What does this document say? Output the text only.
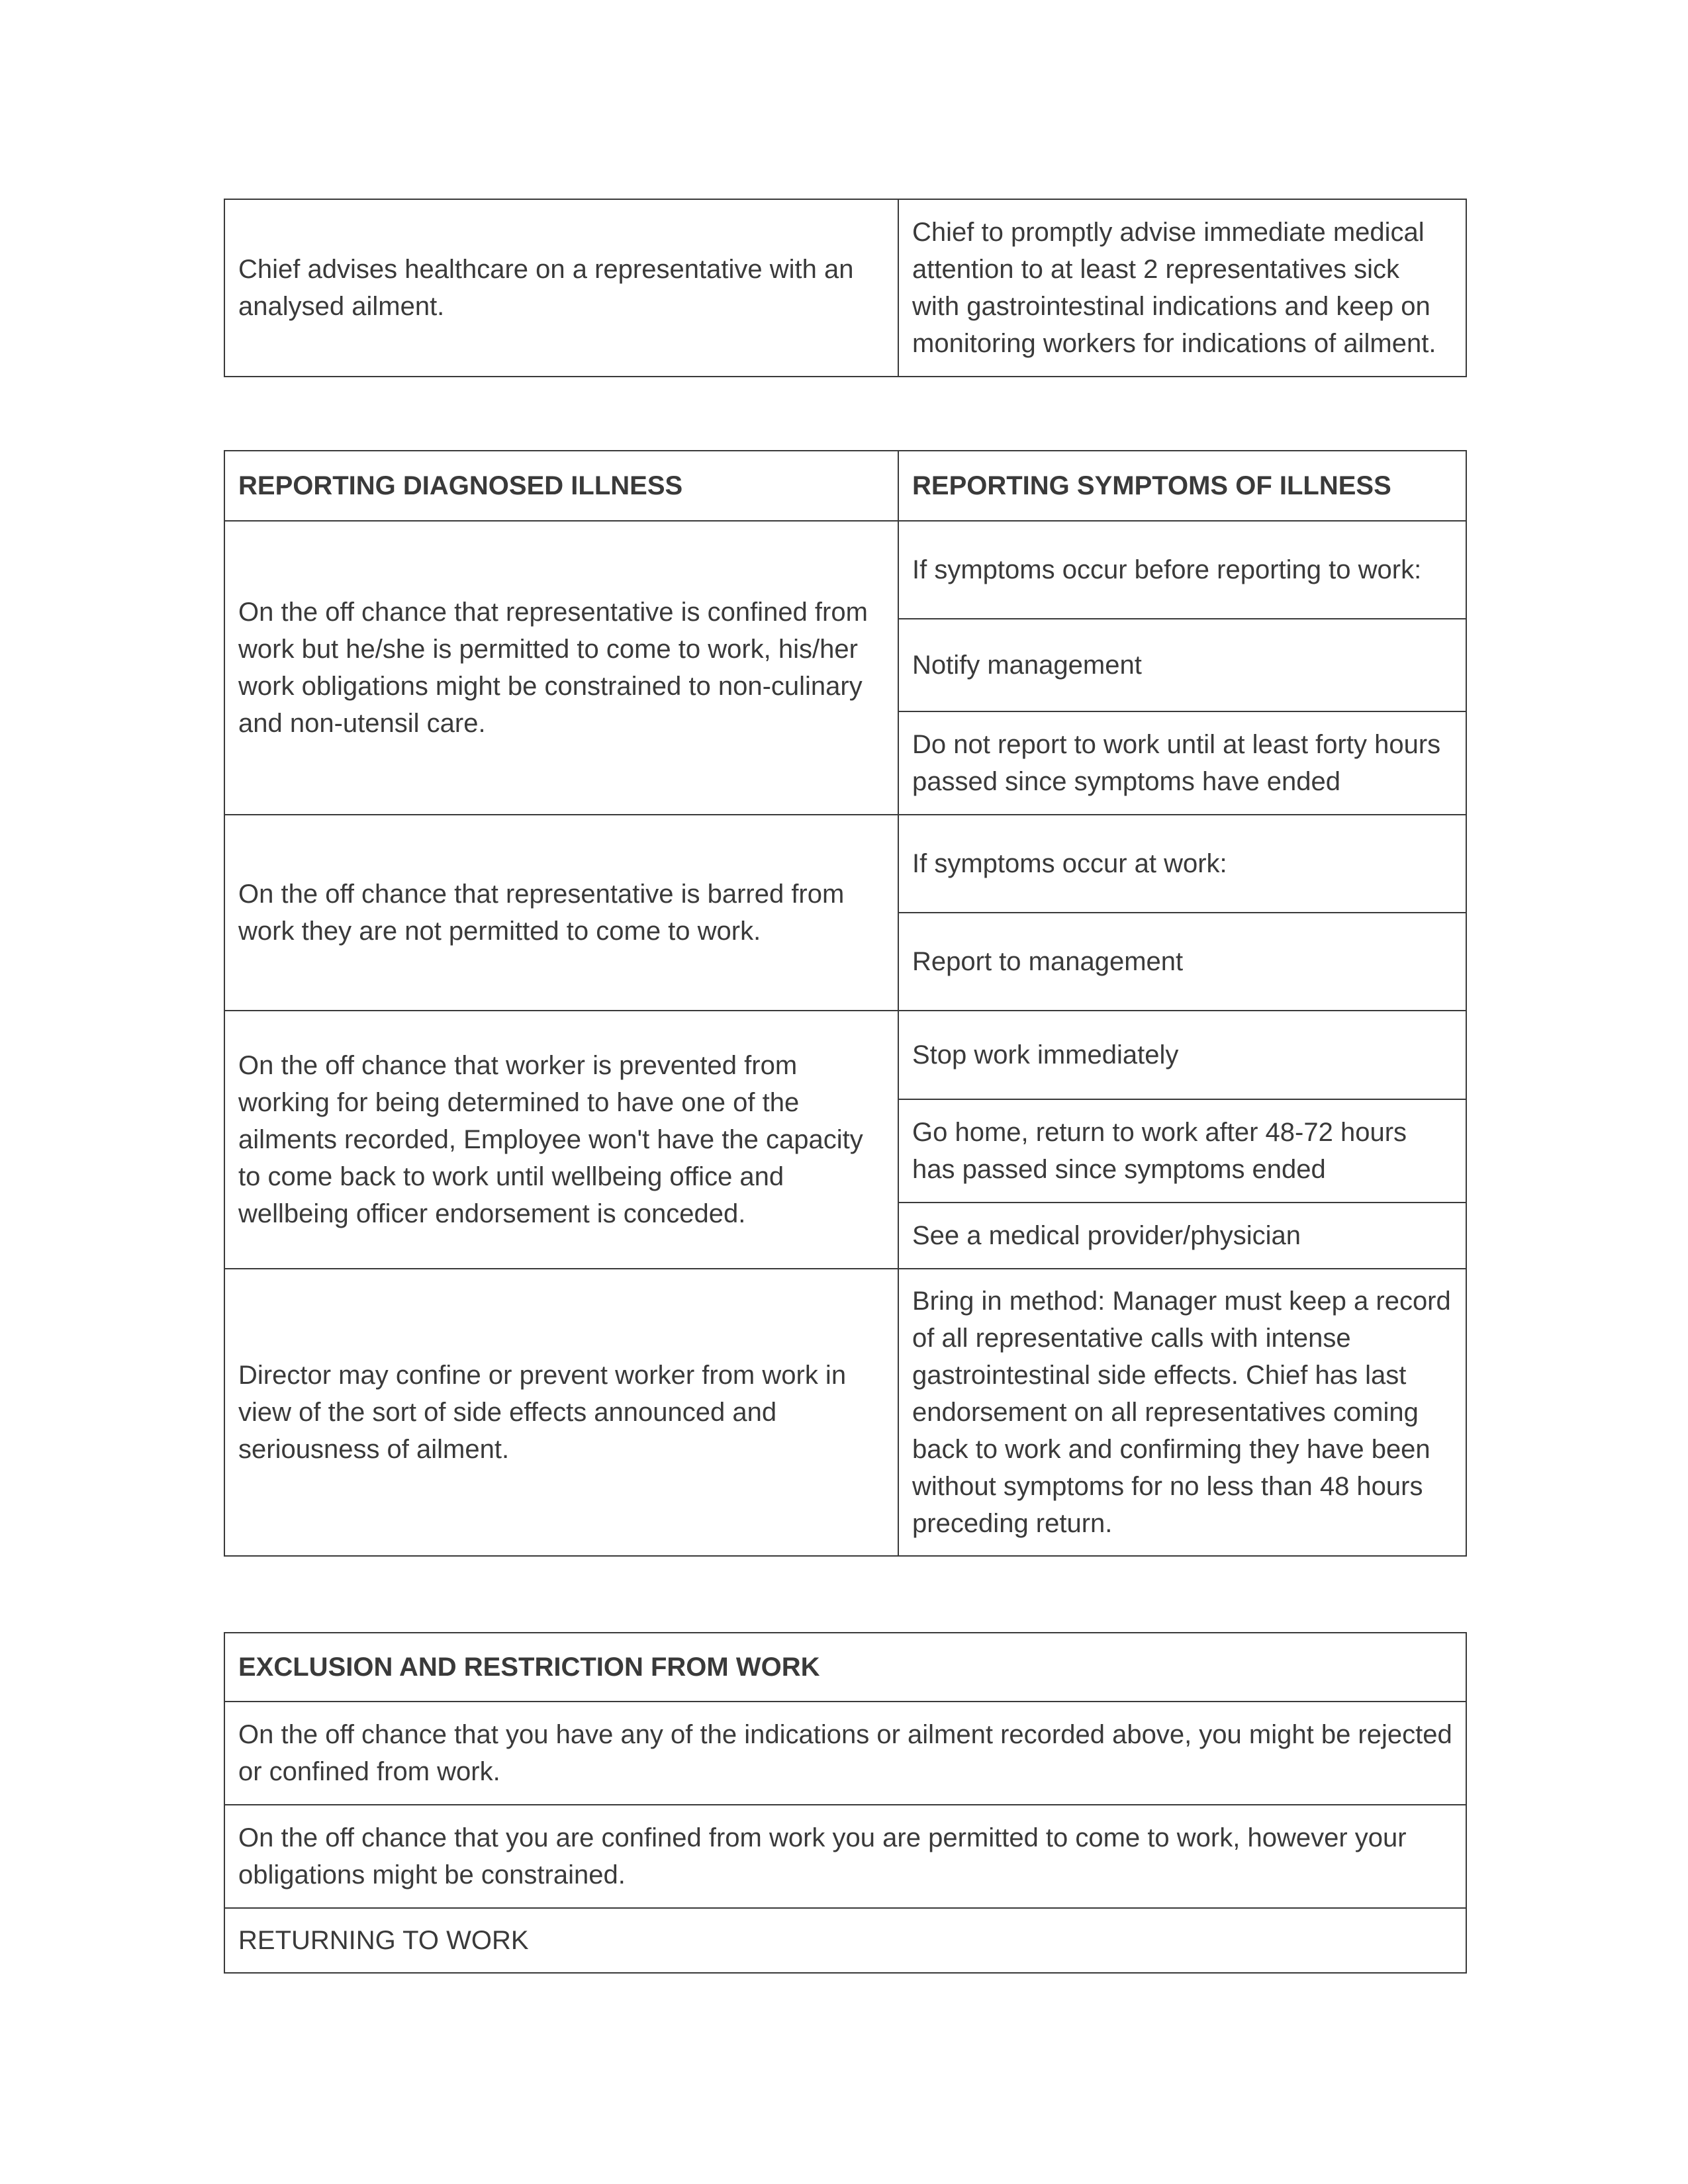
Chief advises healthcare on a representative with an analysed ailment.	Chief to promptly advise immediate medical attention to at least 2 representatives sick with gastrointestinal indications and keep on monitoring workers for indications of ailment.
REPORTING DIAGNOSED ILLNESS	REPORTING SYMPTOMS OF ILLNESS
On the off chance that representative is confined from work but he/she is permitted to come to work, his/her work obligations might be constrained to non-culinary and non-utensil care.	If symptoms occur before reporting to work:
	Notify management
	Do not report to work until at least forty hours passed since symptoms have ended
On the off chance that representative is barred from work they are not permitted to come to work.	If symptoms occur at work:
	Report to management
On the off chance that worker is prevented from working for being determined to have one of the ailments recorded, Employee won't have the capacity to come back to work until wellbeing office and wellbeing officer endorsement is conceded.	Stop work immediately
	Go home, return to work after 48-72 hours has passed since symptoms ended
	See a medical provider/physician
Director may confine or prevent worker from work in view of the sort of side effects announced and seriousness of ailment.	Bring in method: Manager must keep a record of all representative calls with intense gastrointestinal side effects. Chief has last endorsement on all representatives coming back to work and confirming they have been without symptoms for no less than 48 hours preceding return.
EXCLUSION AND RESTRICTION FROM WORK
On the off chance that you have any of the indications or ailment recorded above, you might be rejected or confined from work.
On the off chance that you are confined from work you are permitted to come to work, however your obligations might be constrained.
RETURNING TO WORK
